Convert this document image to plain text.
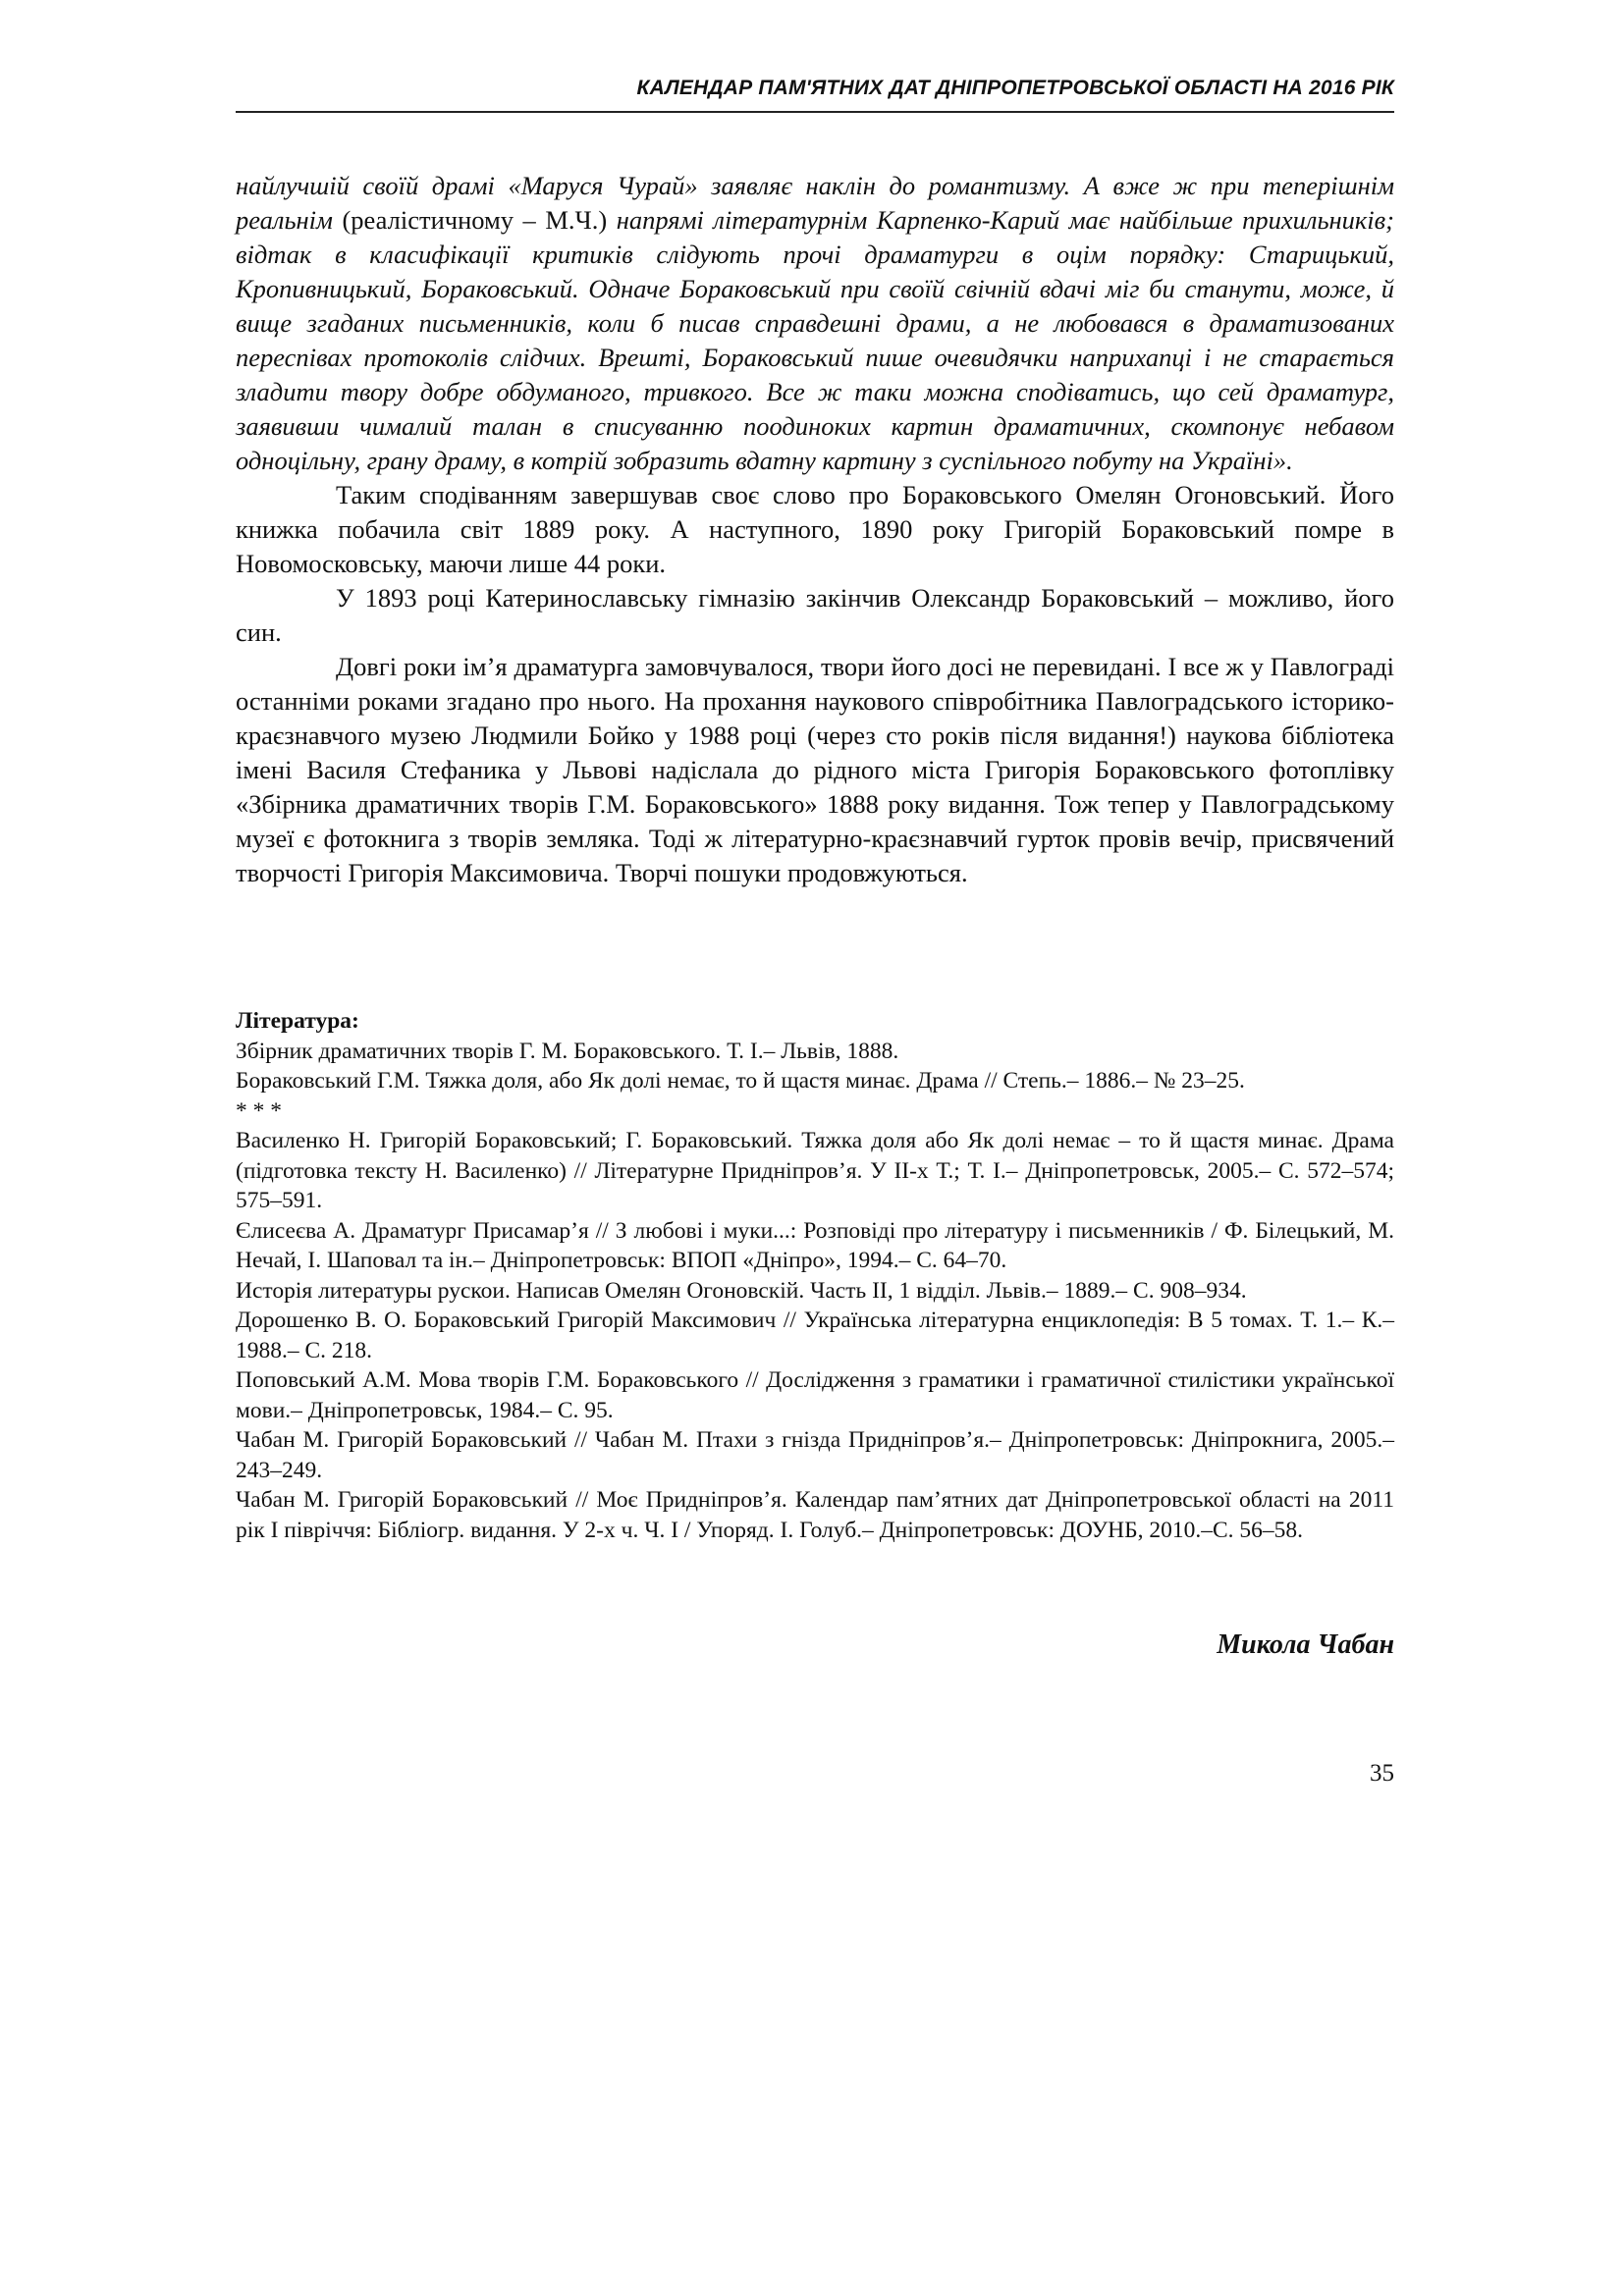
КАЛЕНДАР ПАМ'ЯТНИХ ДАТ ДНІПРОПЕТРОВСЬКОЇ ОБЛАСТІ НА 2016 РІК

найлучшій своїй драмі «Маруся Чурай» заявляє наклін до романтизму. А вже ж при теперішнім реальнім (реалістичному – М.Ч.) напрямі літературнім Карпенко-Карий має найбільше прихильників; відтак в класифікації критиків слідують прочі драматурги в оцім порядку: Старицький, Кропивницький, Бораковський. Одначе Бораковський при своїй свічній вдачі міг би станути, може, й вище згаданих письменників, коли б писав справдешні драми, а не любовався в драматизованих переспівах протоколів слідчих. Врешті, Бораковський пише очевидячки наприхапці і не старається зладити твору добре обдуманого, тривкого. Все ж таки можна сподіватись, що сей драматург, заявивши чималий талан в списуванню поодиноких картин драматичних, скомпонує небавом одноцільну, грану драму, в котрій зобразить вдатну картину з суспільного побуту на Україні».

Таким сподіванням завершував своє слово про Бораковського Омелян Огоновський. Його книжка побачила світ 1889 року. А наступного, 1890 року Григорій Бораковський помре в Новомосковську, маючи лише 44 роки.

У 1893 році Катеринославську гімназію закінчив Олександр Бораковський – можливо, його син.

Довгі роки ім’я драматурга замовчувалося, твори його досі не перевидані. І все ж у Павлограді останніми роками згадано про нього. На прохання наукового співробітника Павлоградського історико-краєзнавчого музею Людмили Бойко у 1988 році (через сто років після видання!) наукова бібліотека імені Василя Стефаника у Львові надіслала до рідного міста Григорія Бораковського фотоплівку «Збірника драматичних творів Г.М. Бораковського» 1888 року видання. Тож тепер у Павлоградському музеї є фотокнига з творів земляка. Тоді ж літературно-краєзнавчий гурток провів вечір, присвячений творчості Григорія Максимовича. Творчі пошуки продовжуються.

Література:

Збірник драматичних творів Г. М. Бораковського. Т. І.– Львів, 1888.

Бораковський Г.М. Тяжка доля, або Як долі немає, то й щастя минає. Драма // Степь.– 1886.– № 23–25.

* * *

Василенко Н. Григорій Бораковський; Г. Бораковський. Тяжка доля або Як долі немає – то й щастя минає. Драма (підготовка тексту Н. Василенко) // Літературне Придніпров’я. У ІІ-х Т.; Т. І.– Дніпропетровськ, 2005.– С. 572–574; 575–591.

Єлисеєва А. Драматург Присамар’я // З любові і муки...: Розповіді про літературу і письменників / Ф. Білецький, М. Нечай, І. Шаповал та ін.– Дніпропетровськ: ВПОП «Дніпро», 1994.– С. 64–70.

Исторія литературы рускои. Написав Омелян Огоновскій. Часть ІІ, 1 відділ. Львів.– 1889.– С. 908–934.

Дорошенко В. О. Бораковський Григорій Максимович // Українська літературна енциклопедія: В 5 томах. Т. 1.– К.– 1988.– С. 218.

Поповський А.М. Мова творів Г.М. Бораковського // Дослідження з граматики і граматичної стилістики української мови.– Дніпропетровськ, 1984.– С. 95.

Чабан М. Григорій Бораковський // Чабан М. Птахи з гнізда Придніпров’я.– Дніпропетровськ: Дніпрокнига, 2005.– 243–249.

Чабан М. Григорій Бораковський // Моє Придніпров’я. Календар пам’ятних дат Дніпропетровської області на 2011 рік І півріччя: Бібліогр. видання. У 2-х ч. Ч. І / Упоряд. І. Голуб.– Дніпропетровськ: ДОУНБ, 2010.–С. 56–58.

Микола Чабан
35
